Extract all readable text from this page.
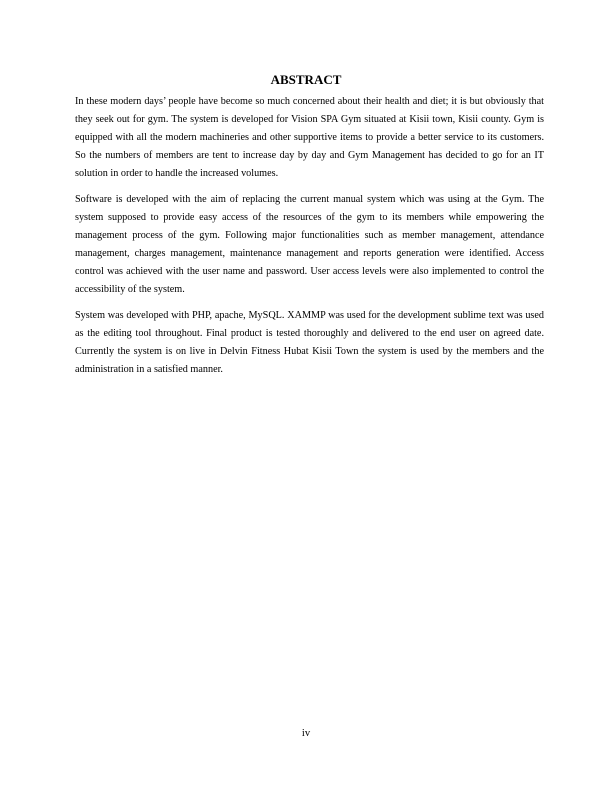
ABSTRACT

In these modern days’ people have become so much concerned about their health and diet; it is but obviously that they seek out for gym. The system is developed for Vision SPA Gym situated at Kisii town, Kisii county. Gym is equipped with all the modern machineries and other supportive items to provide a better service to its customers. So the numbers of members are tent to increase day by day and Gym Management has decided to go for an IT solution in order to handle the increased volumes.

Software is developed with the aim of replacing the current manual system which was using at the Gym. The system supposed to provide easy access of the resources of the gym to its members while empowering the management process of the gym. Following major functionalities such as member management, attendance management, charges management, maintenance management and reports generation were identified. Access control was achieved with the user name and password. User access levels were also implemented to control the accessibility of the system.

System was developed with PHP, apache, MySQL. XAMMP was used for the development sublime text was used as the editing tool throughout. Final product is tested thoroughly and delivered to the end user on agreed date. Currently the system is on live in Delvin Fitness Hubat Kisii Town the system is used by the members and the administration in a satisfied manner.

iv
